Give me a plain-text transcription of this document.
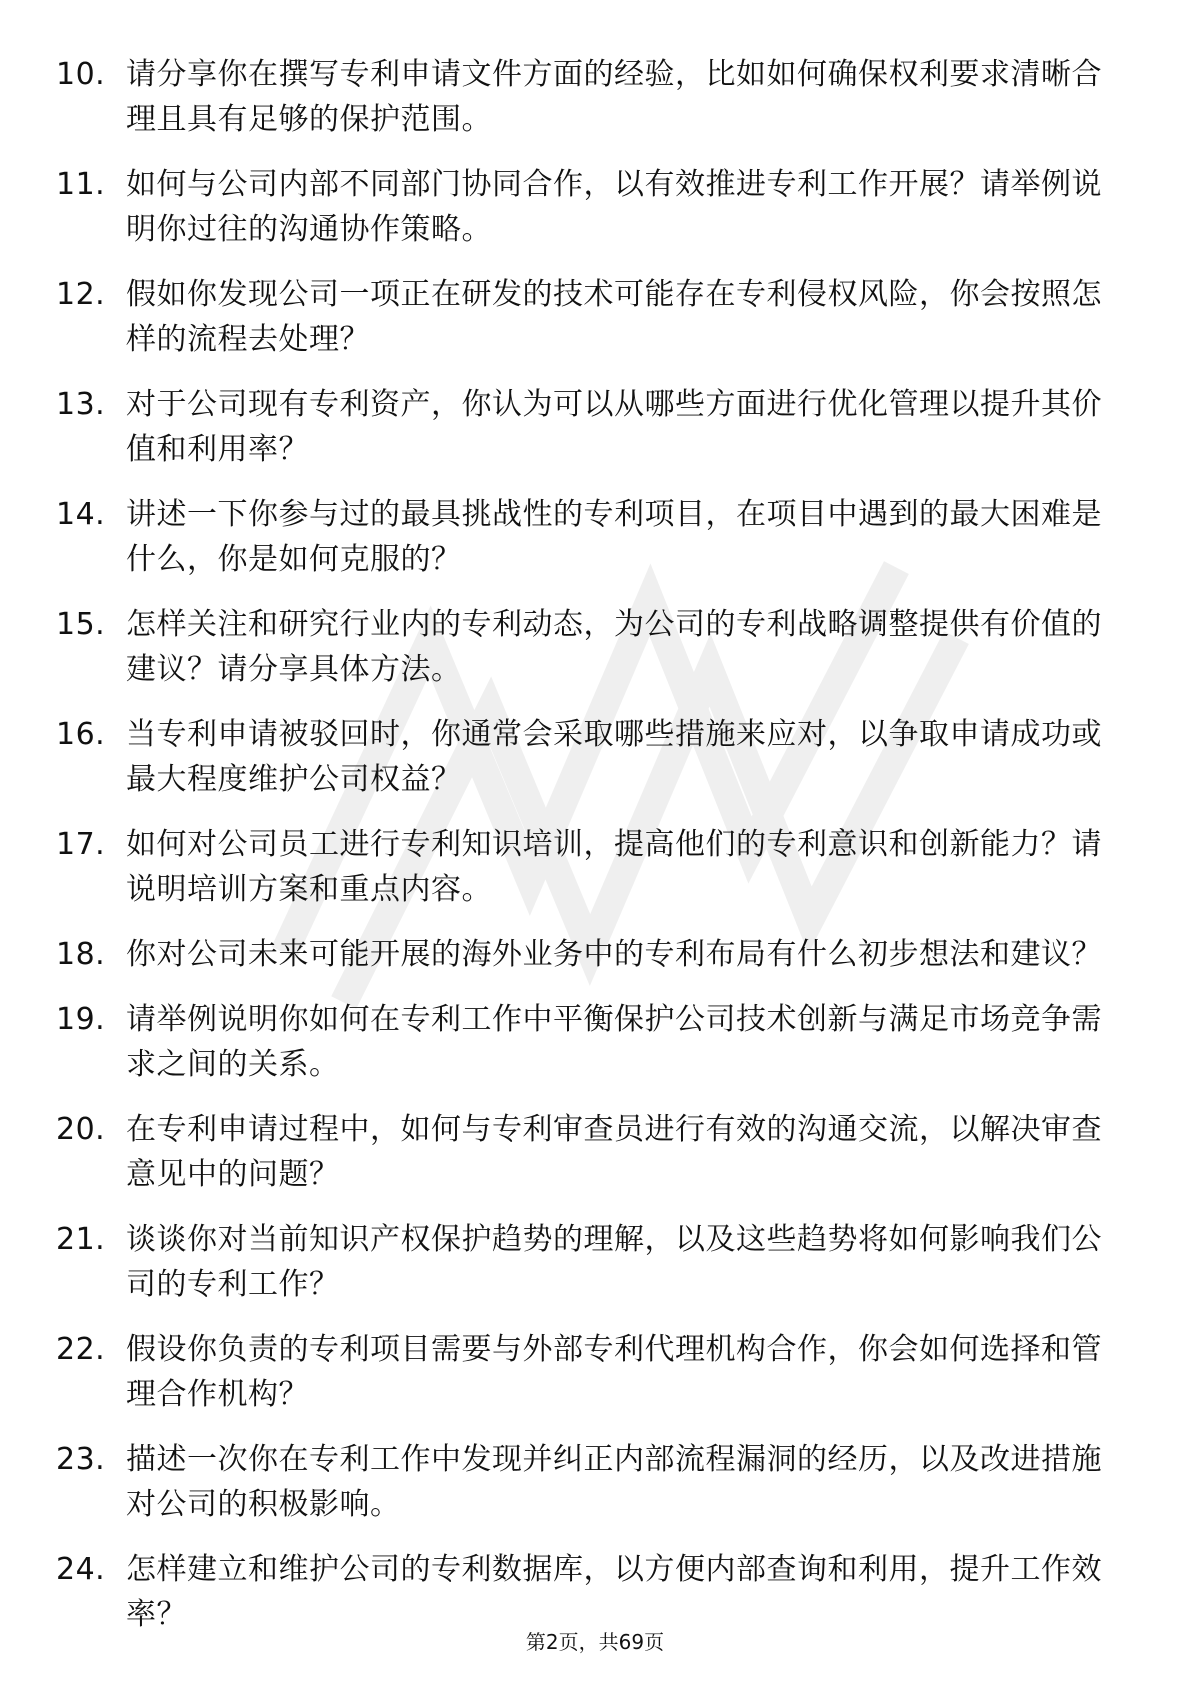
10. 请分享你在撰写专利申请文件方面的经验，比如如何确保权利要求清晰合理且具有足够的保护范围。
11. 如何与公司内部不同部门协同合作，以有效推进专利工作开展？请举例说明你过往的沟通协作策略。
12. 假如你发现公司一项正在研发的技术可能存在专利侵权风险，你会按照怎样的流程去处理？
13. 对于公司现有专利资产，你认为可以从哪些方面进行优化管理以提升其价值和利用率？
14. 讲述一下你参与过的最具挑战性的专利项目，在项目中遇到的最大困难是什么，你是如何克服的？
15. 怎样关注和研究行业内的专利动态，为公司的专利战略调整提供有价值的建议？请分享具体方法。
16. 当专利申请被驳回时，你通常会采取哪些措施来应对，以争取申请成功或最大程度维护公司权益？
17. 如何对公司员工进行专利知识培训，提高他们的专利意识和创新能力？请说明培训方案和重点内容。
18. 你对公司未来可能开展的海外业务中的专利布局有什么初步想法和建议？
19. 请举例说明你如何在专利工作中平衡保护公司技术创新与满足市场竞争需求之间的关系。
20. 在专利申请过程中，如何与专利审查员进行有效的沟通交流，以解决审查意见中的问题？
21. 谈谈你对当前知识产权保护趋势的理解，以及这些趋势将如何影响我们公司的专利工作？
22. 假设你负责的专利项目需要与外部专利代理机构合作，你会如何选择和管理合作机构？
23. 描述一次你在专利工作中发现并纠正内部流程漏洞的经历，以及改进措施对公司的积极影响。
24. 怎样建立和维护公司的专利数据库，以方便内部查询和利用，提升工作效率？
第2页，共69页
